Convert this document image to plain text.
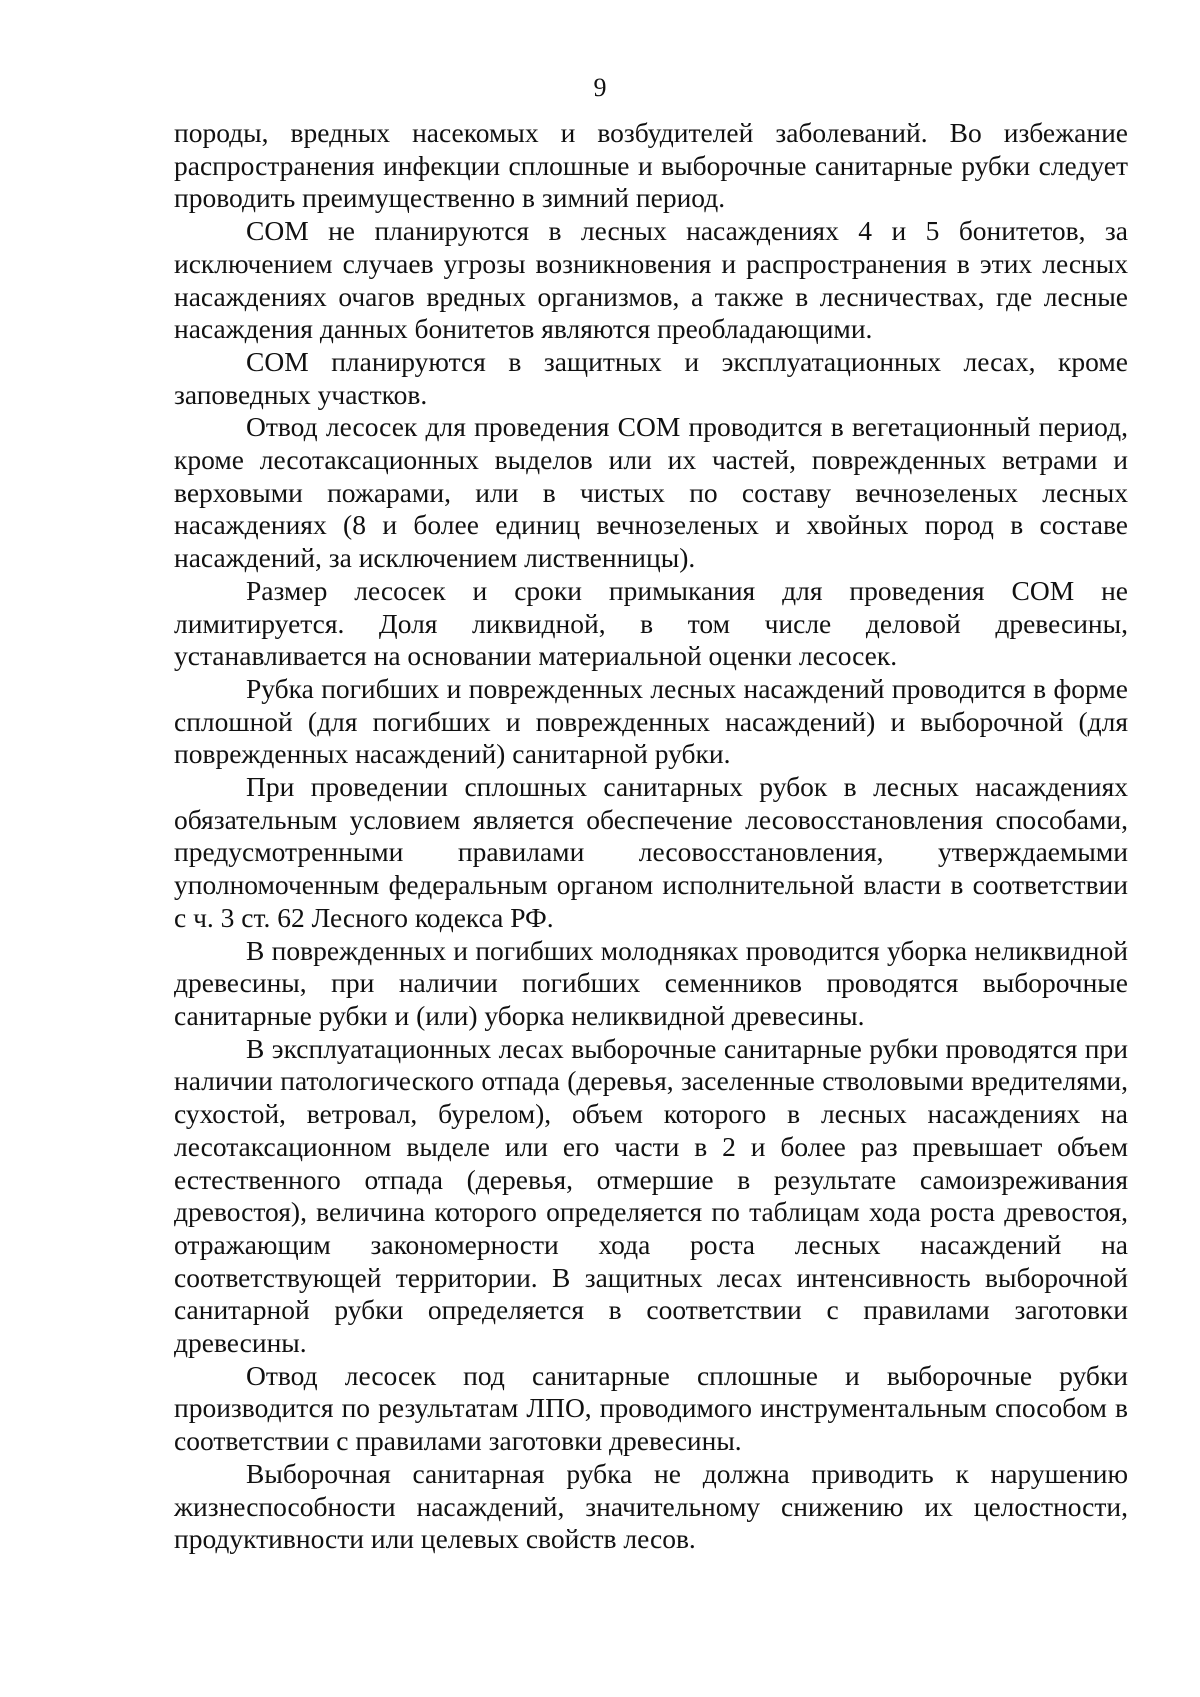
9

породы, вредных насекомых и возбудителей заболеваний. Во избежание распространения инфекции сплошные и выборочные санитарные рубки следует проводить преимущественно в зимний период.

СОМ не планируются в лесных насаждениях 4 и 5 бонитетов, за исключением случаев угрозы возникновения и распространения в этих лесных насаждениях очагов вредных организмов, а также в лесничествах, где лесные насаждения данных бонитетов являются преобладающими.

СОМ планируются в защитных и эксплуатационных лесах, кроме заповедных участков.

Отвод лесосек для проведения СОМ проводится в вегетационный период, кроме лесотаксационных выделов или их частей, поврежденных ветрами и верховыми пожарами, или в чистых по составу вечнозеленых лесных насаждениях (8 и более единиц вечнозеленых и хвойных пород в составе насаждений, за исключением лиственницы).

Размер лесосек и сроки примыкания для проведения СОМ не лимитируется. Доля ликвидной, в том числе деловой древесины, устанавливается на основании материальной оценки лесосек.

Рубка погибших и поврежденных лесных насаждений проводится в форме сплошной (для погибших и поврежденных насаждений) и выборочной (для поврежденных насаждений) санитарной рубки.

При проведении сплошных санитарных рубок в лесных насаждениях обязательным условием является обеспечение лесовосстановления способами, предусмотренными правилами лесовосстановления, утверждаемыми уполномоченным федеральным органом исполнительной власти в соответствии с ч. 3 ст. 62 Лесного кодекса РФ.

В поврежденных и погибших молодняках проводится уборка неликвидной древесины, при наличии погибших семенников проводятся выборочные санитарные рубки и (или) уборка неликвидной древесины.

В эксплуатационных лесах выборочные санитарные рубки проводятся при наличии патологического отпада (деревья, заселенные стволовыми вредителями, сухостой, ветровал, бурелом), объем которого в лесных насаждениях на лесотаксационном выделе или его части в 2 и более раз превышает объем естественного отпада (деревья, отмершие в результате самоизреживания древостоя), величина которого определяется по таблицам хода роста древостоя, отражающим закономерности хода роста лесных насаждений на соответствующей территории. В защитных лесах интенсивность выборочной санитарной рубки определяется в соответствии с правилами заготовки древесины.

Отвод лесосек под санитарные сплошные и выборочные рубки производится по результатам ЛПО, проводимого инструментальным способом в соответствии с правилами заготовки древесины.

Выборочная санитарная рубка не должна приводить к нарушению жизнеспособности насаждений, значительному снижению их целостности, продуктивности или целевых свойств лесов.
